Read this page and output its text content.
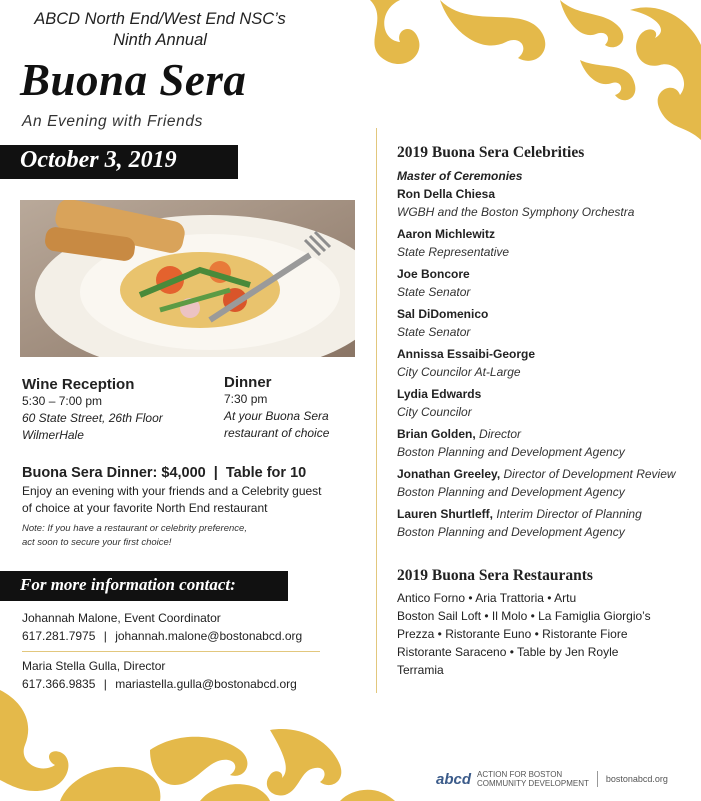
ABCD North End/West End NSC’s
Ninth Annual
Buona Sera
An Evening with Friends
October 3, 2019
Wine Reception
5:30 – 7:00 pm
60 State Street, 26th Floor
WilmerHale
Dinner
7:30 pm
At your Buona Sera
restaurant of choice
Buona Sera Dinner: $4,000  |  Table for 10
Enjoy an evening with your friends and a Celebrity guest
of choice at your favorite North End restaurant
Note: If you have a restaurant or celebrity preference,
act soon to secure your first choice!
For more information contact:
Johannah Malone, Event Coordinator
617.281.7975 | johannah.malone@bostonabcd.org
Maria Stella Gulla, Director
617.366.9835 | mariastella.gulla@bostonabcd.org
2019 Buona Sera Celebrities
Master of Ceremonies
Ron Della Chiesa
WGBH and the Boston Symphony Orchestra
Aaron Michlewitz
State Representative
Joe Boncore
State Senator
Sal DiDomenico
State Senator
Annissa Essaibi-George
City Councilor At-Large
Lydia Edwards
City Councilor
Brian Golden, Director
Boston Planning and Development Agency
Jonathan Greeley, Director of Development Review
Boston Planning and Development Agency
Lauren Shurtleff, Interim Director of Planning
Boston Planning and Development Agency
2019 Buona Sera Restaurants
Antico Forno • Aria Trattoria • Artu
Boston Sail Loft • Il Molo • La Famiglia Giorgio’s
Prezza • Ristorante Euno • Ristorante Fiore
Ristorante Saraceno • Table by Jen Royle
Terramia
abcd ACTION FOR BOSTON
COMMUNITY DEVELOPMENT bostonabcd.org
